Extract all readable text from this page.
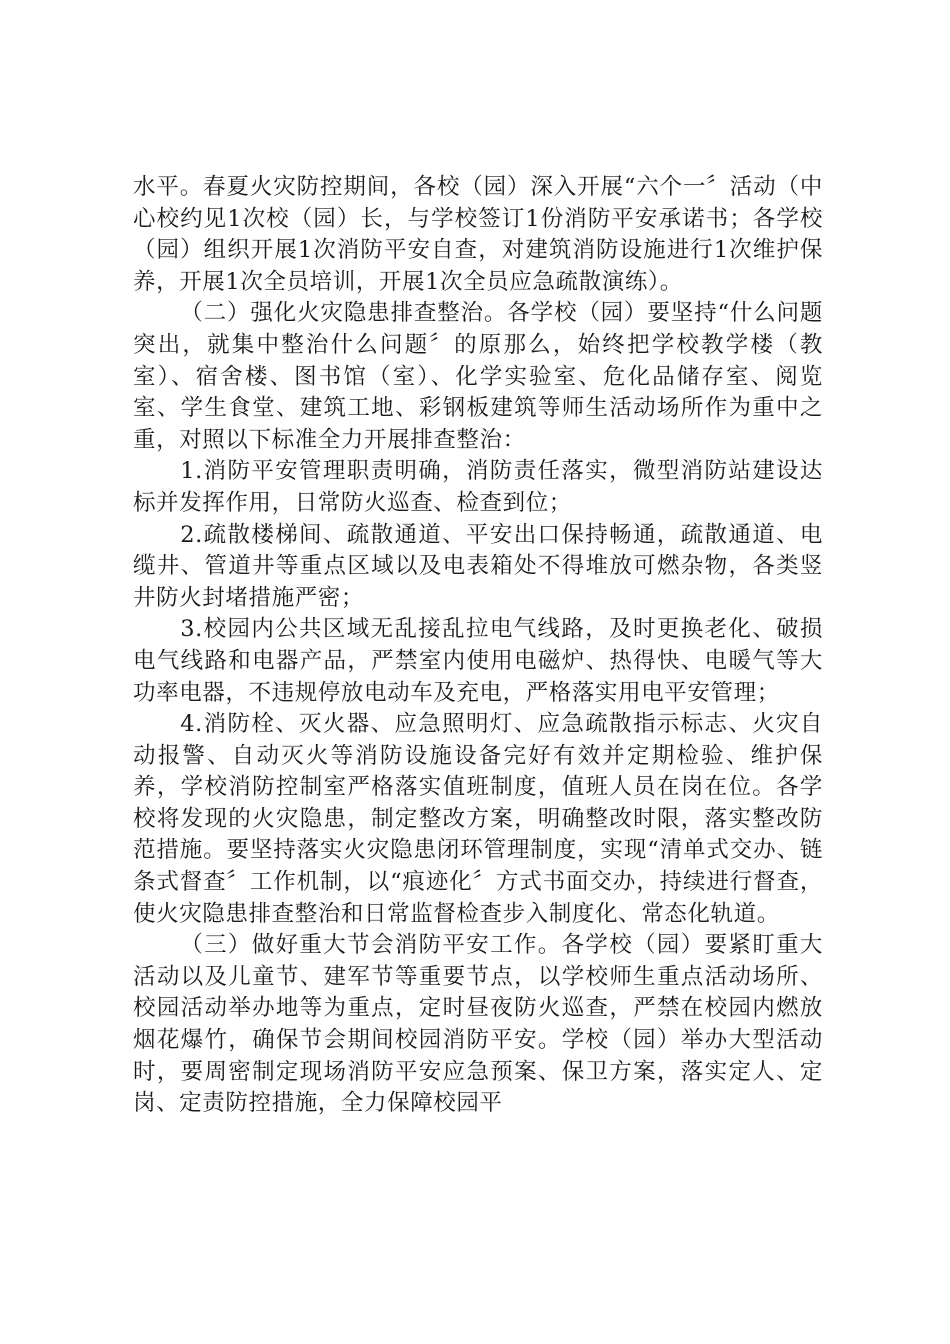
水平。春夏火灾防控期间，各校（园）深入开展“六个一〞活动（中心校约见1次校（园）长，与学校签订1份消防平安承诺书；各学校（园）组织开展1次消防平安自查，对建筑消防设施进行1次维护保养，开展1次全员培训，开展1次全员应急疏散演练）。

（二）强化火灾隐患排查整治。各学校（园）要坚持“什么问题突出，就集中整治什么问题〞的原那么，始终把学校教学楼（教室）、宿舍楼、图书馆（室）、化学实验室、危化品储存室、阅览室、学生食堂、建筑工地、彩钢板建筑等师生活动场所作为重中之重，对照以下标准全力开展排查整治：

1.消防平安管理职责明确，消防责任落实，微型消防站建设达标并发挥作用，日常防火巡查、检查到位；

2.疏散楼梯间、疏散通道、平安出口保持畅通，疏散通道、电缆井、管道井等重点区域以及电表箱处不得堆放可燃杂物，各类竖井防火封堵措施严密；

3.校园内公共区域无乱接乱拉电气线路，及时更换老化、破损电气线路和电器产品，严禁室内使用电磁炉、热得快、电暖气等大功率电器，不违规停放电动车及充电，严格落实用电平安管理；

4.消防栓、灭火器、应急照明灯、应急疏散指示标志、火灾自动报警、自动灭火等消防设施设备完好有效并定期检验、维护保养，学校消防控制室严格落实值班制度，值班人员在岗在位。各学校将发现的火灾隐患，制定整改方案，明确整改时限，落实整改防范措施。要坚持落实火灾隐患闭环管理制度，实现“清单式交办、链条式督查〞工作机制，以“痕迹化〞方式书面交办，持续进行督查，使火灾隐患排查整治和日常监督检查步入制度化、常态化轨道。

（三）做好重大节会消防平安工作。各学校（园）要紧盯重大活动以及儿童节、建军节等重要节点，以学校师生重点活动场所、校园活动举办地等为重点，定时昼夜防火巡查，严禁在校园内燃放烟花爆竹，确保节会期间校园消防平安。学校（园）举办大型活动时，要周密制定现场消防平安应急预案、保卫方案，落实定人、定岗、定责防控措施，全力保障校园平
